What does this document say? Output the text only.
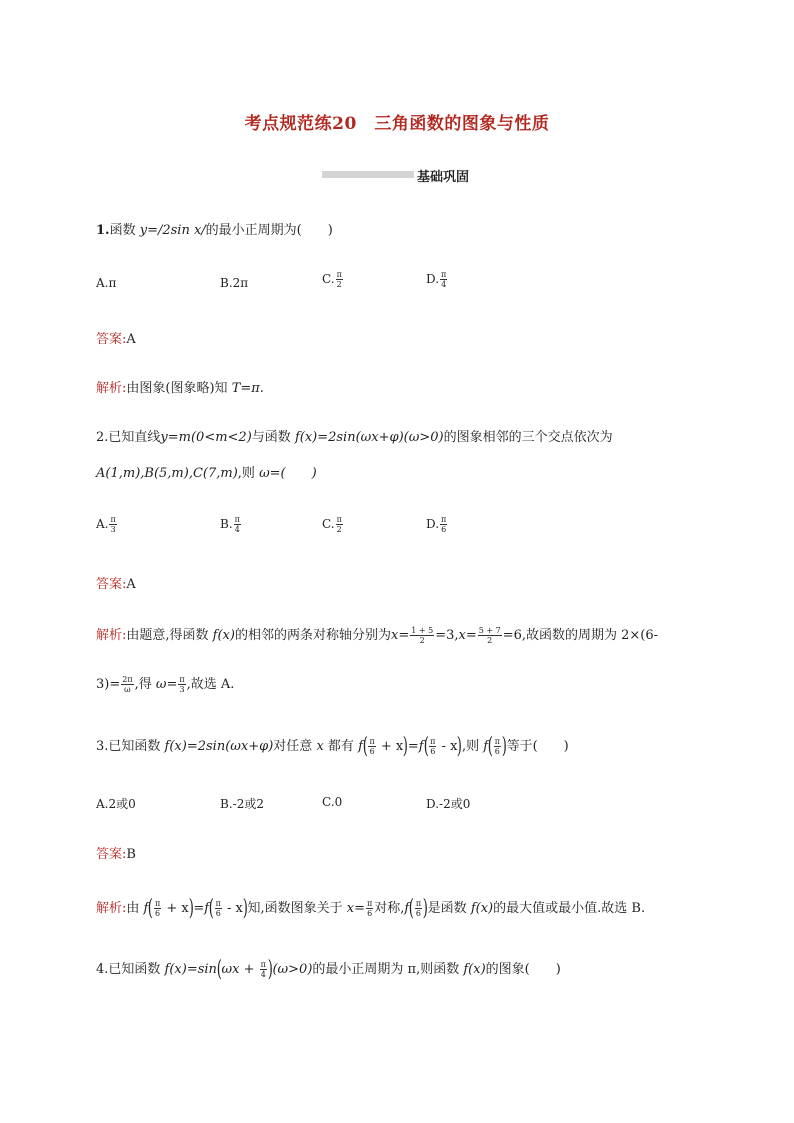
考点规范练20　三角函数的图象与性质
基础巩固
1.函数 y=/2sin x/的最小正周期为(　　)
A.π	B.2π	C. $\frac{\pi}{2}$	D. $\frac{\pi}{4}$
答案:A
解析:由图象(图象略)知 T=π.
2.已知直线y=m(0<m<2)与函数 f(x)=2sin(ωx+φ)(ω>0)的图象相邻的三个交点依次为
A(1,m),B(5,m),C(7,m),则 ω=(　　)
A. $\frac{\pi}{3}$	B. $\frac{\pi}{4}$	C. $\frac{\pi}{2}$	D. $\frac{\pi}{6}$
答案:A
解析:由题意,得函数 f(x)的相邻的两条对称轴分别为$x= \frac{1 + 5}{2} =3,x= \frac{5 + 7}{2} =6$,故函数的周期为 2×(6-
$3)= \frac{2\pi}{\omega}$ ,得 $\omega= \frac{\pi}{3}$ ,故选 A.
3.已知函数 f(x)=2sin(ωx+φ)对任意 x 都有 $f( \frac{\pi}{6} + x)=f( \frac{\pi}{6} - x)$,则 $f( \frac{\pi}{6}$ )等于(　　)
A.2或0	B.-2或2	C.0	D.-2或0
答案:B
解析:由 $f( \frac{\pi}{6} + x)=f( \frac{\pi}{6} - x)$知,函数图象关于 $x= \frac{\pi}{6}$ 对称$,f( \frac{\pi}{6}$ )是函数 f(x)的最大值或最小值.故选 B.
4.已知函数 $f(x)=\sin(\omega x + \frac{\pi}{4} )(\omega>0)$的最小正周期为 π,则函数 f(x)的图象(　　)
